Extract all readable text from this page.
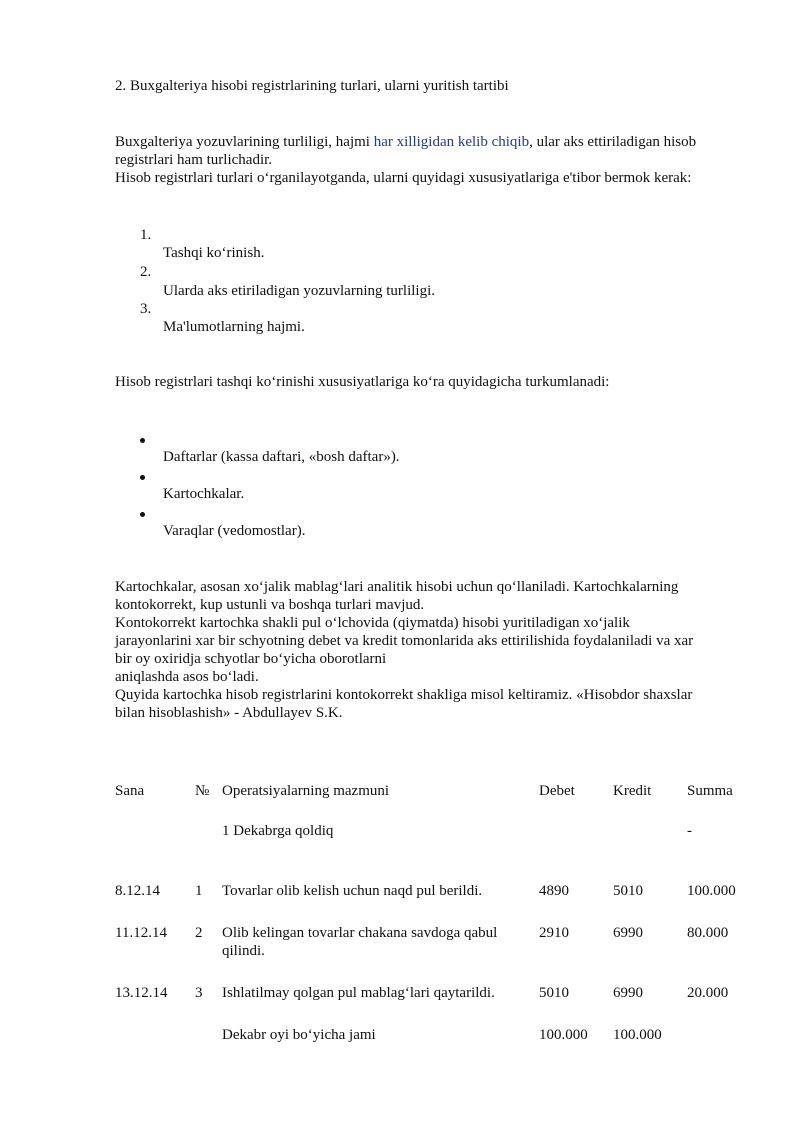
2. Buxgalteriya hisobi registrlarining turlari, ularni yuritish tartibi
Buxgalteriya yozuvlarining turliligi, hajmi har xilligidan kelib chiqib, ular aks ettiriladigan hisob
registrlari ham turlichadir.
Hisob registrlari turlari o‘rganilayotganda, ularni quyidagi xususiyatlariga e'tibor bermok kerak:
1.
Tashqi ko‘rinish.
2.
Ularda aks etiriladigan yozuvlarning turliligi.
3.
Ma'lumotlarning hajmi.
Hisob registrlari tashqi ko‘rinishi xususiyatlariga ko‘ra quyidagicha turkumlanadi:
Daftarlar (kassa daftari, «bosh daftar»).
Kartochkalar.
Varaqlar (vedomostlar).
Kartochkalar, asosan xo‘jalik mablag‘lari analitik hisobi uchun qo‘llaniladi. Kartochkalarning
kontokorrekt, kup ustunli va boshqa turlari mavjud.
Kontokorrekt kartochka shakli pul o‘lchovida (qiymatda) hisobi yuritiladigan xo‘jalik
jarayonlarini xar bir schyotning debet va kredit tomonlarida aks ettirilishida foydalaniladi va xar
bir oy oxiridja schyotlar bo‘yicha oborotlarni
aniqlashda asos bo‘ladi.
Quyida kartochka hisob registrlarini kontokorrekt shakliga misol keltiramiz. «Hisobdor shaxslar
bilan hisoblashish» - Abdullayev S.K.
Sana	№	Operatsiyalarning mazmuni	Debet	Kredit	Summa
		1 Dekabrga qoldiq			-
8.12.14	1	Tovarlar olib kelish uchun naqd pul berildi.	4890	5010	100.000
11.12.14	2	Olib kelingan tovarlar chakana savdoga qabul qilindi.	2910	6990	80.000
13.12.14	3	Ishlatilmay qolgan pul mablag‘lari qaytarildi.	5010	6990	20.000
		Dekabr oyi bo‘yicha jami	100.000	100.000	
